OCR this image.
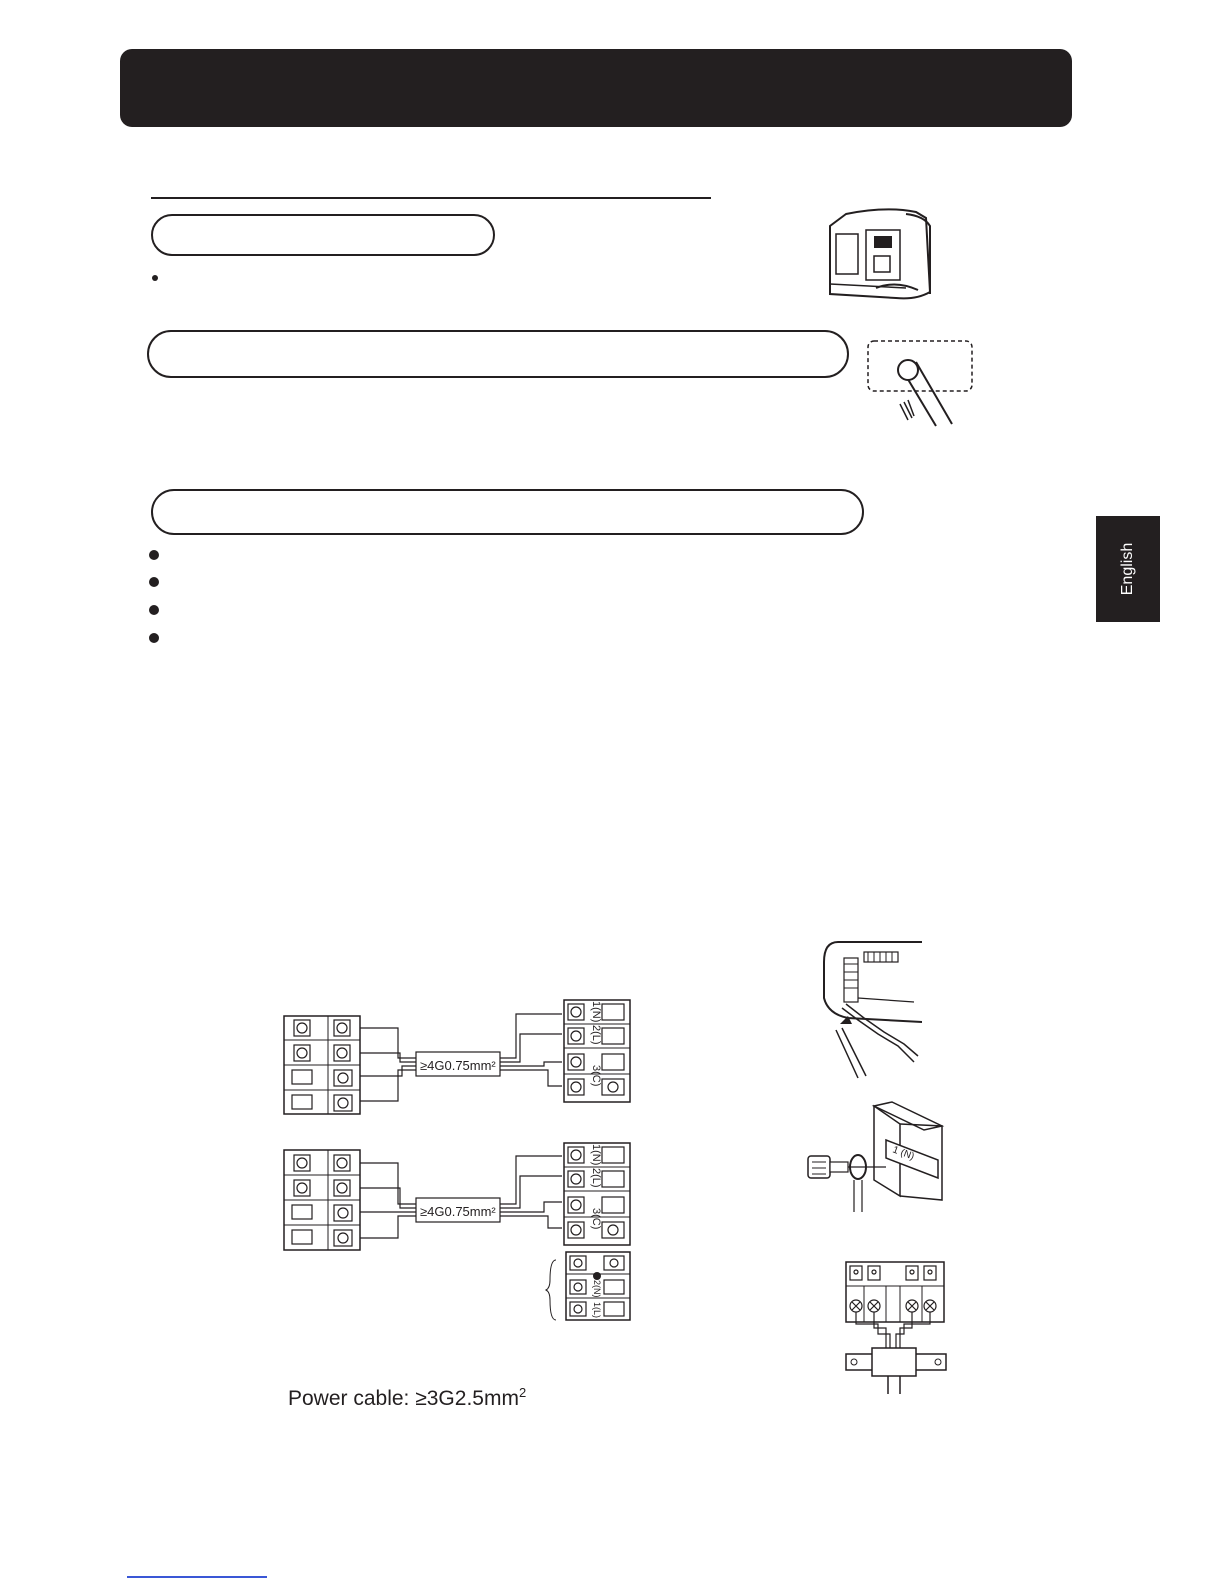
English
≥4G0.75mm²
1(N)
2(L)
3(C)
≥4G0.75mm²
1(N)
2(L)
3(C)
2(N)
1(L)
Power cable: $\ge 3G2.5mm^2$
1 (N)
